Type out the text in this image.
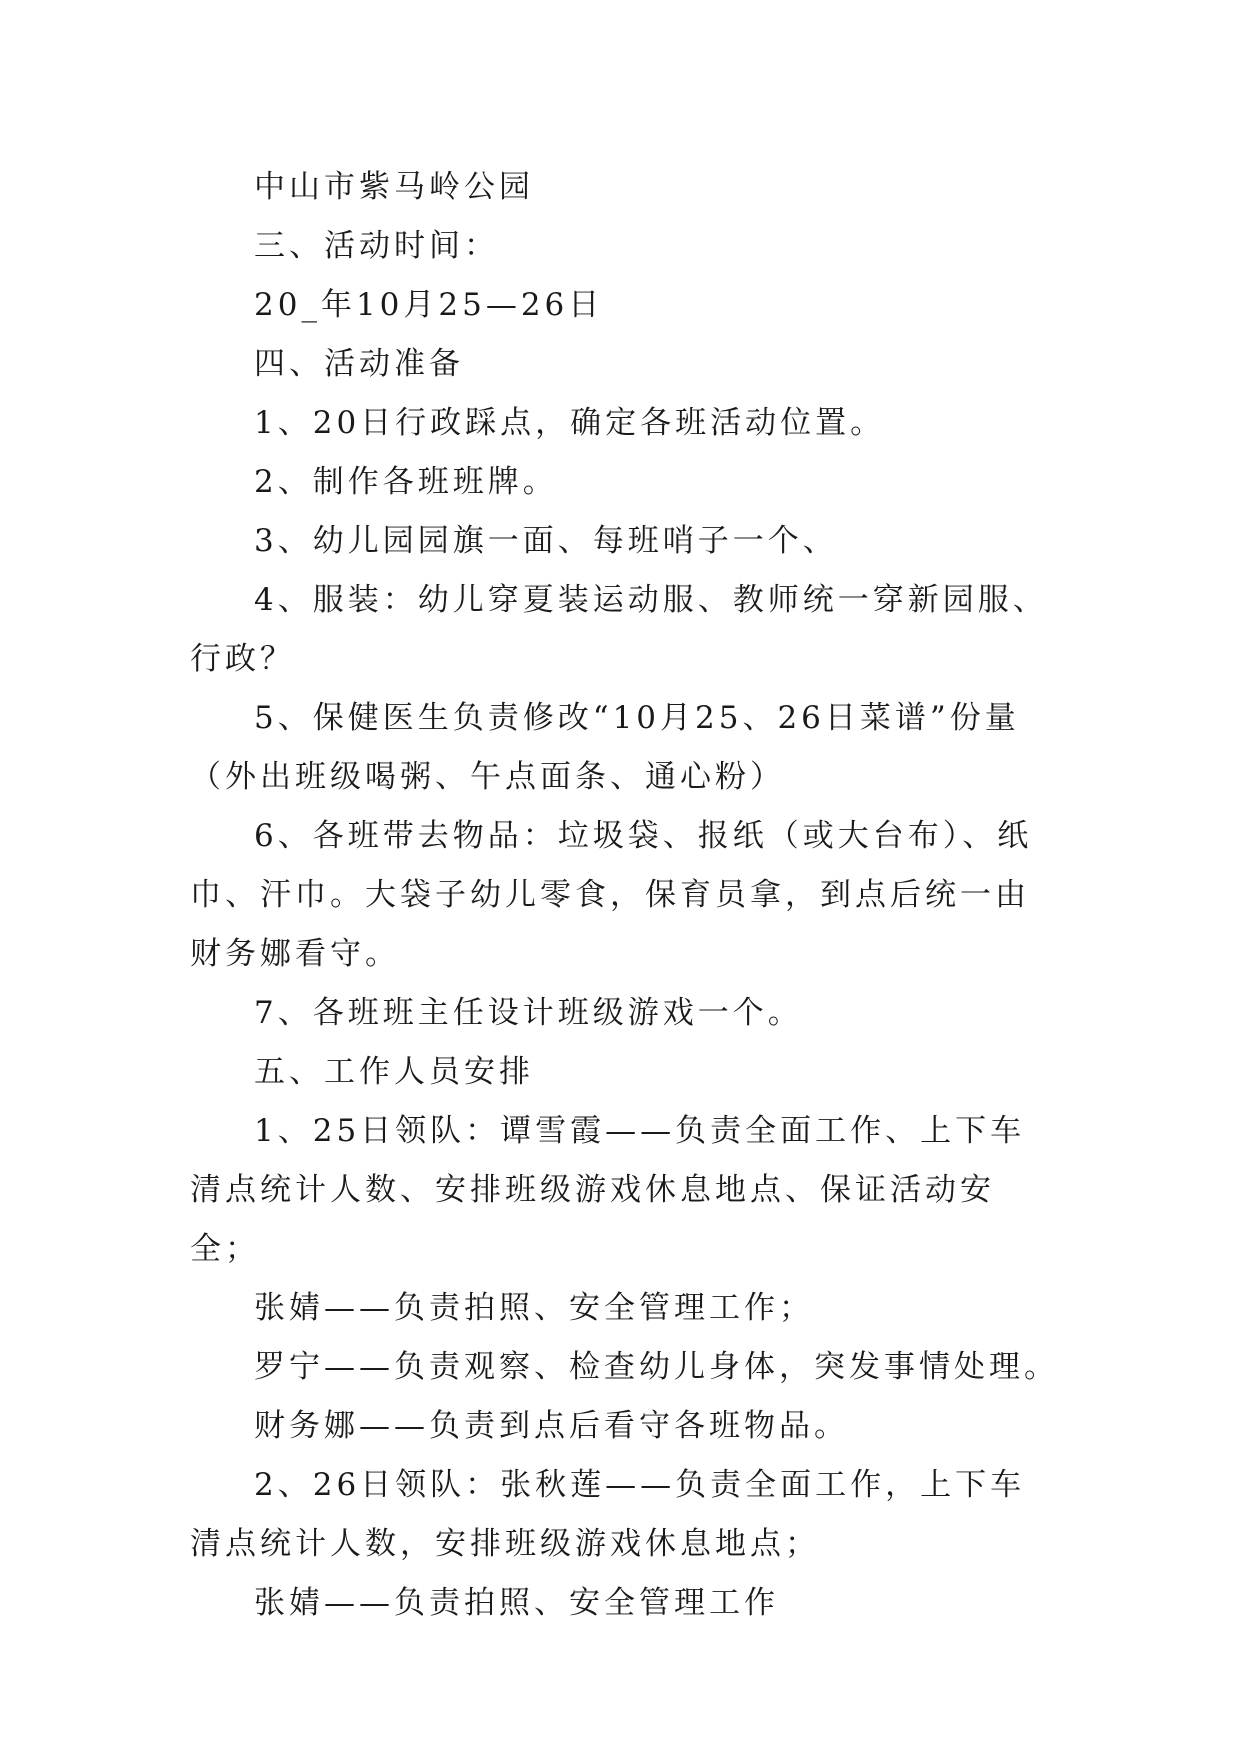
中山市紫马岭公园

三、活动时间：

20_年10月25—26日

四、活动准备

1、20日行政踩点，确定各班活动位置。

2、制作各班班牌。

3、幼儿园园旗一面、每班哨子一个、

4、服装：幼儿穿夏装运动服、教师统一穿新园服、行政？

5、保健医生负责修改“10月25、26日菜谱”份量（外出班级喝粥、午点面条、通心粉）

6、各班带去物品：垃圾袋、报纸（或大台布）、纸巾、汗巾。大袋子幼儿零食，保育员拿，到点后统一由财务娜看守。

7、各班班主任设计班级游戏一个。

五、工作人员安排

1、25日领队：谭雪霞——负责全面工作、上下车清点统计人数、安排班级游戏休息地点、保证活动安全；

张婧——负责拍照、安全管理工作；

罗宁——负责观察、检查幼儿身体，突发事情处理。

财务娜——负责到点后看守各班物品。

2、26日领队：张秋莲——负责全面工作，上下车清点统计人数，安排班级游戏休息地点；

张婧——负责拍照、安全管理工作
